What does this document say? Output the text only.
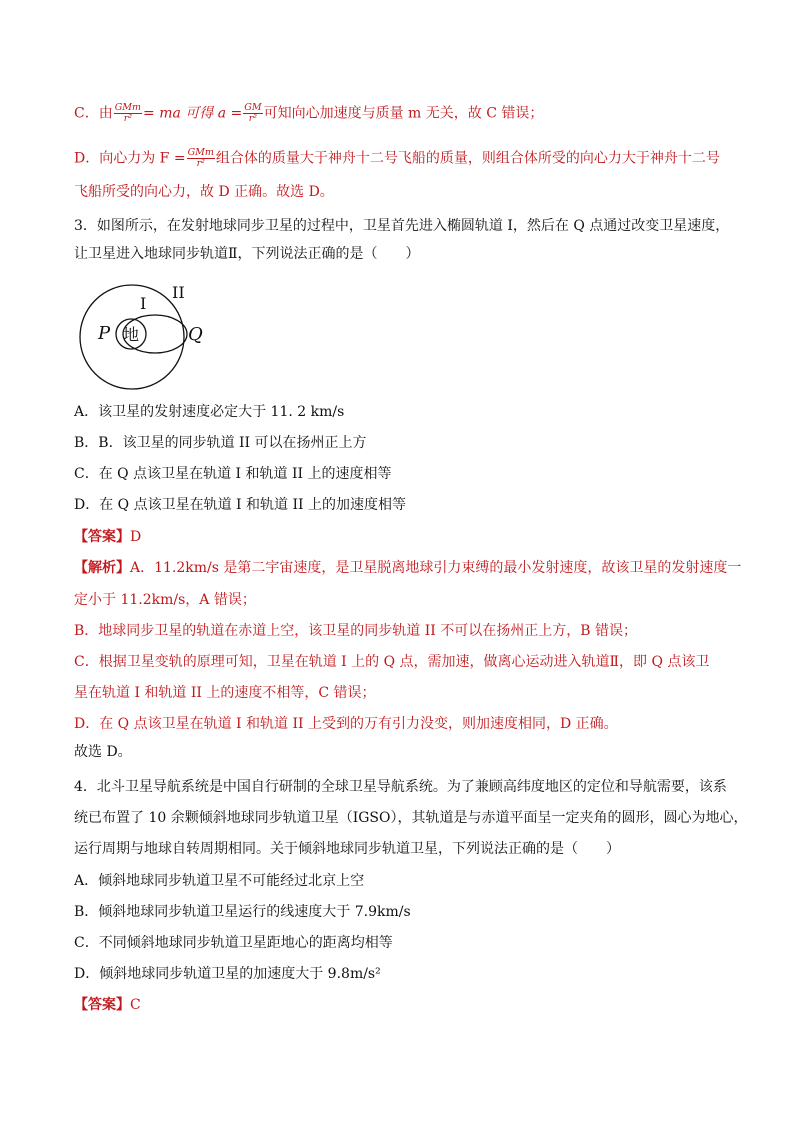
C．由 $\frac{\text{GMm}}{\text{r²}}$ = ma 可得 $a = \frac{GM}{\text{r²}}$ 可知向心加速度与质量 m 无关，故 C 错误；
D．向心力为 $F = \frac{\text{GMm}}{\text{r²}}$ 组合体的质量大于神舟十二号飞船的质量，则组合体所受的向心力大于神舟十二号
飞船所受的向心力，故 D 正确。故选 D。
3．如图所示，在发射地球同步卫星的过程中，卫星首先进入椭圆轨道 I，然后在 Q 点通过改变卫星速度，
让卫星进入地球同步轨道Ⅱ，下列说法正确的是（　　）
地
P	Q
I
II
A．该卫星的发射速度必定大于 11. 2 km/s
B．B．该卫星的同步轨道 II 可以在扬州正上方
C．在 Q 点该卫星在轨道 I 和轨道 II 上的速度相等
D．在 Q 点该卫星在轨道 I 和轨道 II 上的加速度相等
【答案】D
【解析】A．11.2km/s 是第二宇宙速度，是卫星脱离地球引力束缚的最小发射速度，故该卫星的发射速度一
定小于 11.2km/s，A 错误；
B．地球同步卫星的轨道在赤道上空，该卫星的同步轨道 II 不可以在扬州正上方，B 错误；
C．根据卫星变轨的原理可知，卫星在轨道 I 上的 Q 点，需加速，做离心运动进入轨道Ⅱ，即 Q 点该卫
星在轨道 I 和轨道 II 上的速度不相等，C 错误；
D．在 Q 点该卫星在轨道 I 和轨道 II 上受到的万有引力没变，则加速度相同，D 正确。
故选 D。
4．北斗卫星导航系统是中国自行研制的全球卫星导航系统。为了兼顾高纬度地区的定位和导航需要，该系
统已布置了 10 余颗倾斜地球同步轨道卫星（IGSO），其轨道是与赤道平面呈一定夹角的圆形，圆心为地心，
运行周期与地球自转周期相同。关于倾斜地球同步轨道卫星，下列说法正确的是（　　）
A．倾斜地球同步轨道卫星不可能经过北京上空
B．倾斜地球同步轨道卫星运行的线速度大于 7.9km/s
C．不同倾斜地球同步轨道卫星距地心的距离均相等
D．倾斜地球同步轨道卫星的加速度大于 9.8m/s²
【答案】C
